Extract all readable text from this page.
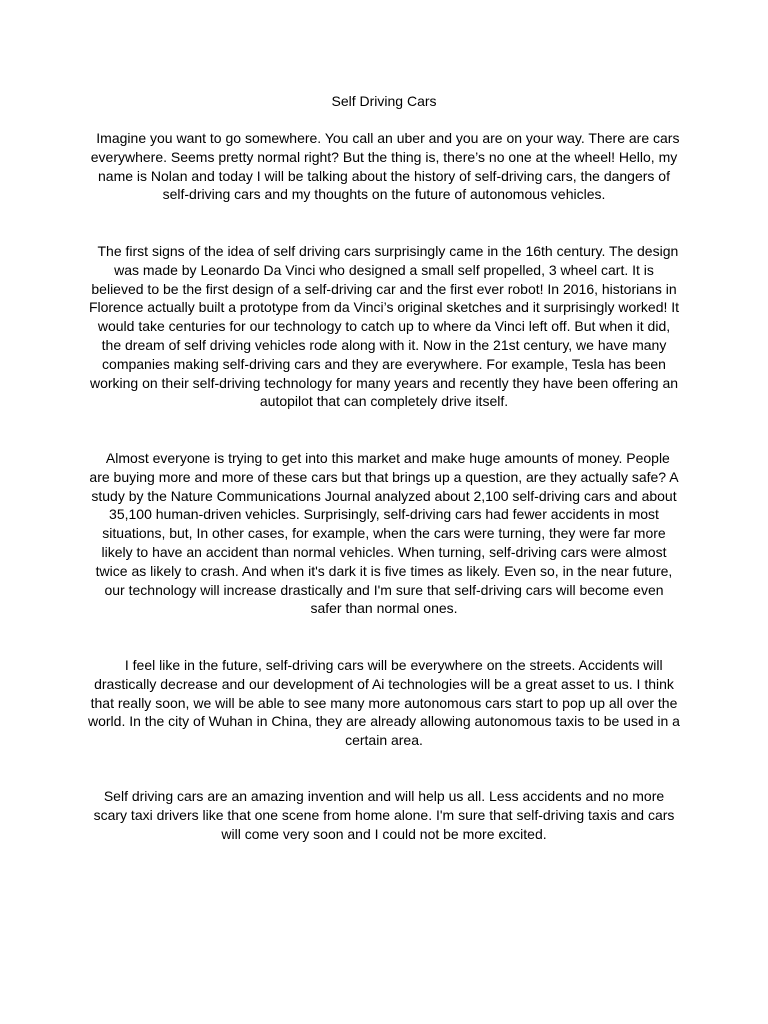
Self Driving Cars

Imagine you want to go somewhere. You call an uber and you are on your way. There are cars everywhere. Seems pretty normal right? But the thing is, there’s no one at the wheel! Hello, my name is Nolan and today I will be talking about the history of self-driving cars, the dangers of self-driving cars and my thoughts on the future of autonomous vehicles.

The first signs of the idea of self driving cars surprisingly came in the 16th century. The design was made by Leonardo Da Vinci who designed a small self propelled, 3 wheel cart. It is believed to be the first design of a self-driving car and the first ever robot! In 2016, historians in Florence actually built a prototype from da Vinci’s original sketches and it surprisingly worked! It would take centuries for our technology to catch up to where da Vinci left off. But when it did, the dream of self driving vehicles rode along with it. Now in the 21st century, we have many companies making self-driving cars and they are everywhere. For example, Tesla has been working on their self-driving technology for many years and recently they have been offering an autopilot that can completely drive itself.

Almost everyone is trying to get into this market and make huge amounts of money. People are buying more and more of these cars but that brings up a question, are they actually safe? A study by the Nature Communications Journal analyzed about 2,100 self-driving cars and about 35,100 human-driven vehicles. Surprisingly, self-driving cars had fewer accidents in most situations, but, In other cases, for example, when the cars were turning, they were far more likely to have an accident than normal vehicles. When turning, self-driving cars were almost twice as likely to crash. And when it's dark it is five times as likely. Even so, in the near future, our technology will increase drastically and I'm sure that self-driving cars will become even safer than normal ones.

I feel like in the future, self-driving cars will be everywhere on the streets. Accidents will drastically decrease and our development of Ai technologies will be a great asset to us. I think that really soon, we will be able to see many more autonomous cars start to pop up all over the world. In the city of Wuhan in China, they are already allowing autonomous taxis to be used in a certain area.

Self driving cars are an amazing invention and will help us all. Less accidents and no more scary taxi drivers like that one scene from home alone. I'm sure that self-driving taxis and cars will come very soon and I could not be more excited.
